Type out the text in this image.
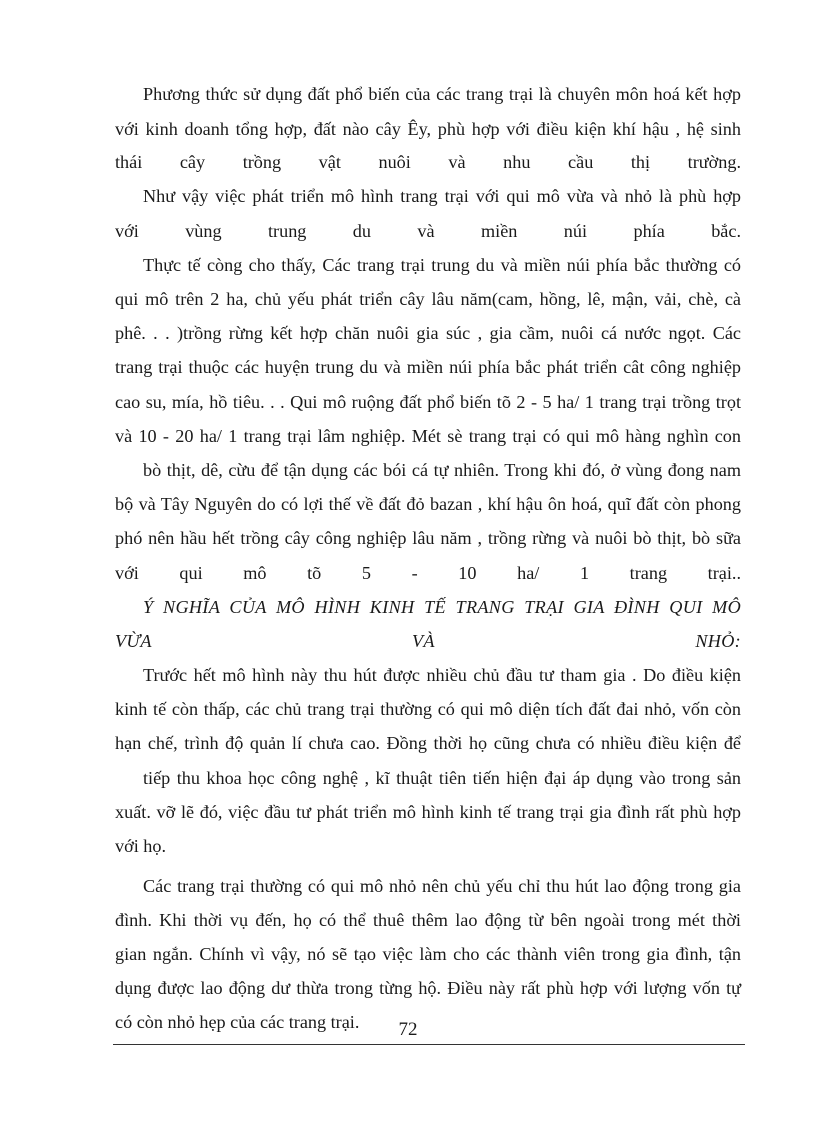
Phương thức sử dụng đất phổ biến của các trang trại là chuyên môn hoá kết hợp
với kinh doanh tổng hợp, đất nào cây Êy, phù hợp với điều kiện khí hậu , hệ sinh
thái cây trồng vật nuôi và nhu cầu thị trường.
Như vậy việc phát triển mô hình trang trại với qui mô vừa và nhỏ là phù hợp
với vùng trung du và miền núi phía bắc.
Thực tế còng cho thấy, Các trang trại trung du và miền núi phía bắc thường có
qui mô trên 2 ha, chủ yếu phát triển cây lâu năm(cam, hồng, lê, mận, vải, chè, cà
phê. . . )trồng rừng kết hợp chăn nuôi gia súc , gia cầm, nuôi cá nước ngọt. Các
trang trại thuộc các huyện trung du và miền núi phía bắc phát triển cât công nghiệp
cao su, mía, hồ tiêu. . . Qui mô ruộng đất phổ biến tõ 2 - 5 ha/ 1 trang trại trồng trọt
và 10 - 20 ha/ 1 trang trại lâm nghiệp. Mét sè trang trại có qui mô hàng nghìn con
bò thịt, dê, cừu để tận dụng các bói cá tự nhiên. Trong khi đó, ở vùng đong nam
bộ và Tây Nguyên do có lợi thế về đất đỏ bazan , khí hậu ôn hoá, quĩ đất còn phong
phó nên hầu hết trồng cây công nghiệp lâu năm , trồng rừng và nuôi bò thịt, bò sữa
với qui mô tõ 5 - 10 ha/ 1 trang trại..
Ý NGHĨA CỦA MÔ HÌNH KINH TẾ TRANG TRẠI GIA ĐÌNH QUI MÔ
VỪA VÀ NHỎ:
Trước hết mô hình này thu hút được nhiều chủ đầu tư tham gia . Do điều kiện
kinh tế còn thấp, các chủ trang trại thường có qui mô diện tích đất đai nhỏ, vốn còn
hạn chế, trình độ quản lí chưa cao. Đồng thời họ cũng chưa có nhiều điều kiện để
tiếp thu khoa học công nghệ , kĩ thuật tiên tiến hiện đại áp dụng vào trong sản
xuất. vỡ lẽ đó, việc đầu tư phát triển mô hình kinh tế trang trại gia đình rất phù hợp
với họ.
Các trang trại thường có qui mô nhỏ nên chủ yếu chỉ thu hút lao động trong gia
đình. Khi thời vụ đến, họ có thể thuê thêm lao động từ bên ngoài trong mét thời
gian ngắn. Chính vì vậy, nó sẽ tạo việc làm cho các thành viên trong gia đình, tận
dụng được lao động dư thừa trong từng hộ. Điều này rất phù hợp với lượng vốn tự
có còn nhỏ hẹp của các trang trại.	72
